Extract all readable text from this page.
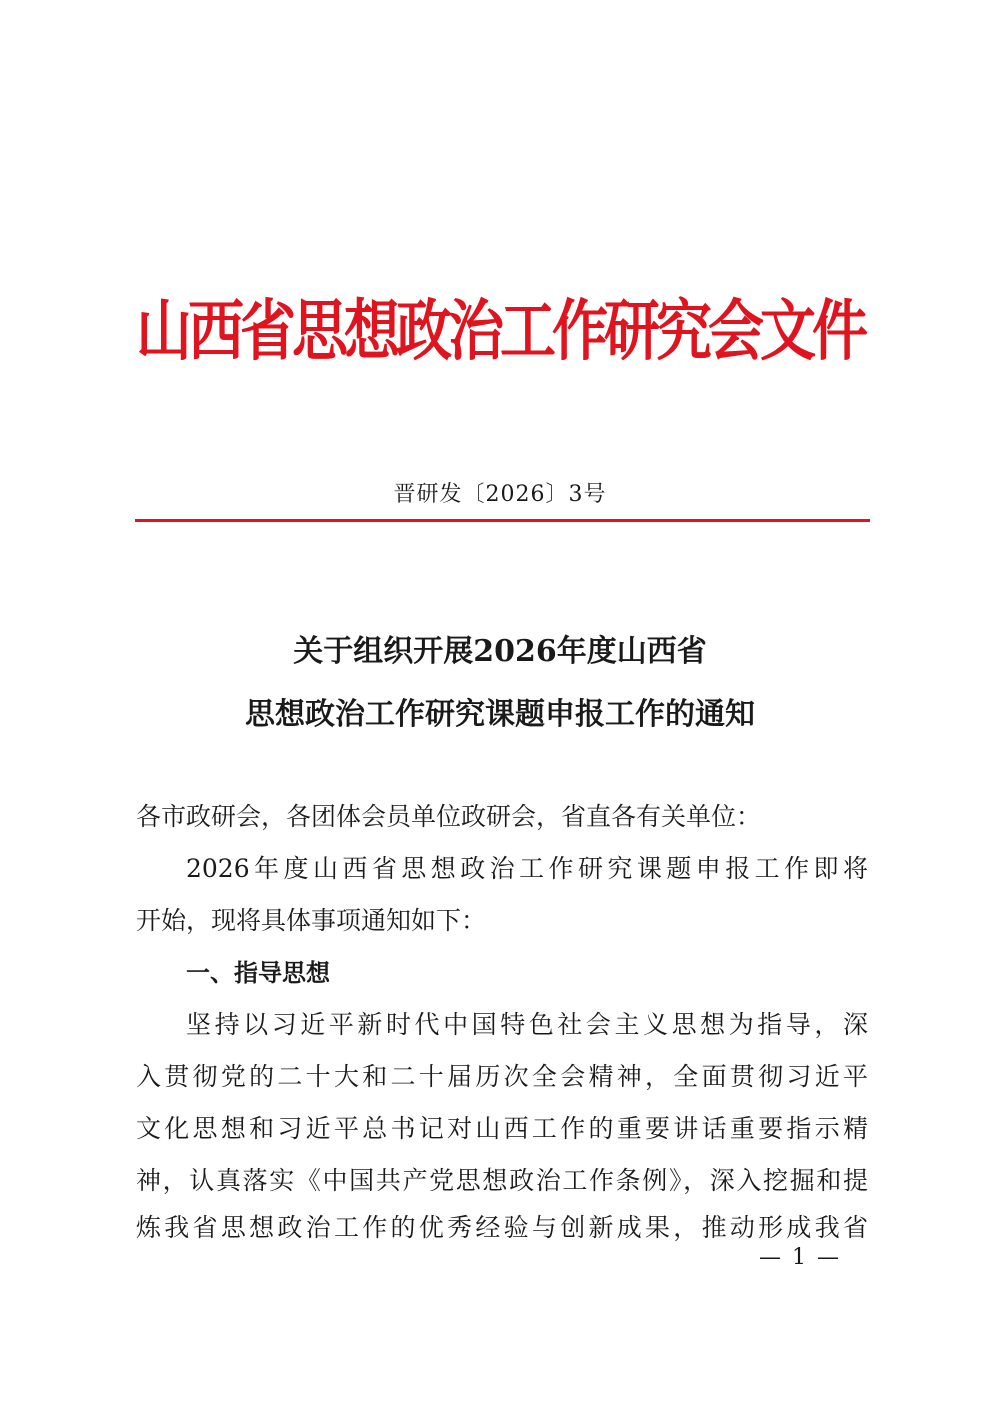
山西省思想政治工作研究会文件
晋研发〔2026〕3号
关于组织开展2026年度山西省
思想政治工作研究课题申报工作的通知
各市政研会，各团体会员单位政研会，省直各有关单位：
2026年度山西省思想政治工作研究课题申报工作即将
开始，现将具体事项通知如下：
一、指导思想
坚持以习近平新时代中国特色社会主义思想为指导，深
入贯彻党的二十大和二十届历次全会精神，全面贯彻习近平
文化思想和习近平总书记对山西工作的重要讲话重要指示精
神，认真落实《中国共产党思想政治工作条例》，深入挖掘和提
炼我省思想政治工作的优秀经验与创新成果，推动形成我省
— 1 —
